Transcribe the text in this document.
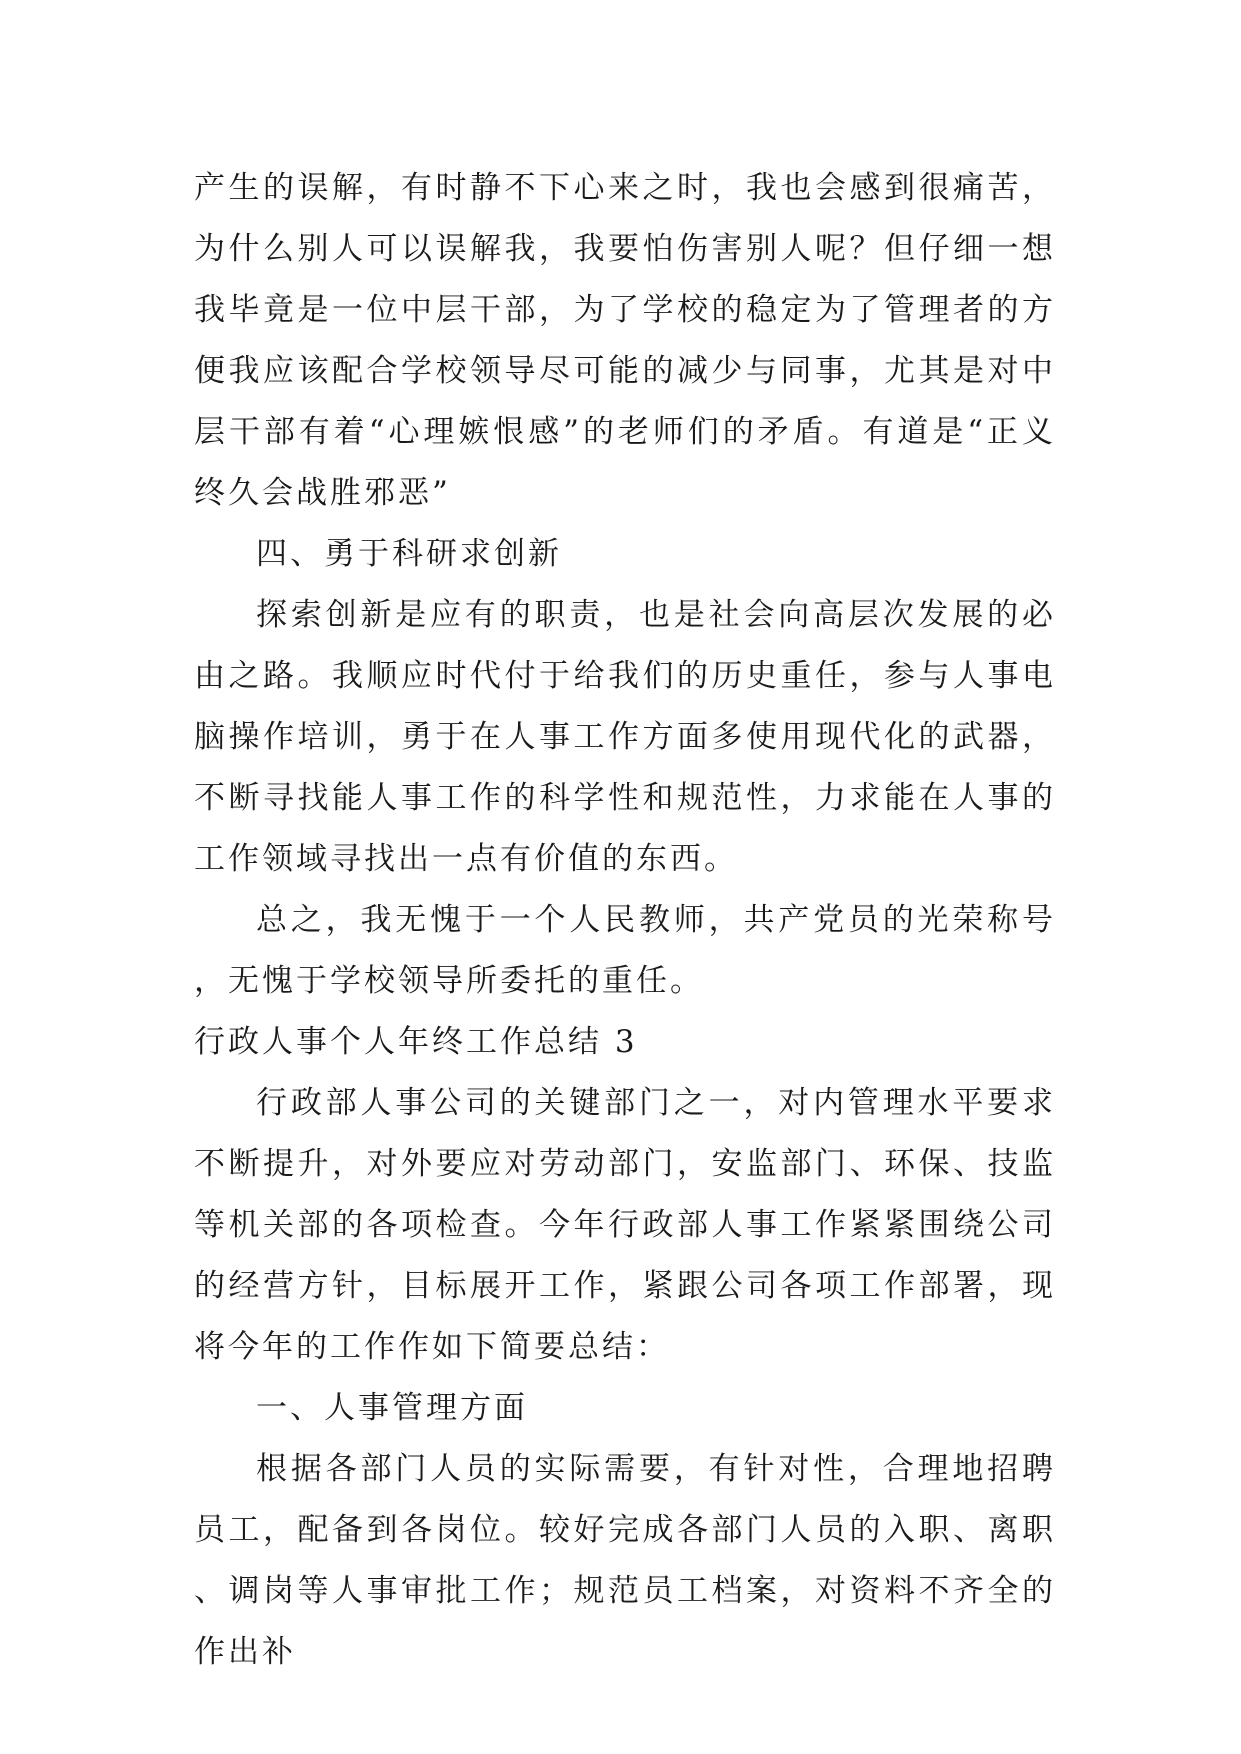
产生的误解，有时静不下心来之时，我也会感到很痛苦，为什么别人可以误解我，我要怕伤害别人呢？但仔细一想我毕竟是一位中层干部，为了学校的稳定为了管理者的方便我应该配合学校领导尽可能的减少与同事，尤其是对中层干部有着“心理嫉恨感”的老师们的矛盾。有道是“正义终久会战胜邪恶”

四、勇于科研求创新

探索创新是应有的职责，也是社会向高层次发展的必由之路。我顺应时代付于给我们的历史重任，参与人事电脑操作培训，勇于在人事工作方面多使用现代化的武器，不断寻找能人事工作的科学性和规范性，力求能在人事的工作领域寻找出一点有价值的东西。

总之，我无愧于一个人民教师，共产党员的光荣称号，无愧于学校领导所委托的重任。

行政人事个人年终工作总结 3

行政部人事公司的关键部门之一，对内管理水平要求不断提升，对外要应对劳动部门，安监部门、环保、技监等机关部的各项检查。今年行政部人事工作紧紧围绕公司的经营方针，目标展开工作，紧跟公司各项工作部署，现将今年的工作作如下简要总结：

一、人事管理方面

根据各部门人员的实际需要，有针对性，合理地招聘员工，配备到各岗位。较好完成各部门人员的入职、离职、调岗等人事审批工作；规范员工档案，对资料不齐全的作出补
